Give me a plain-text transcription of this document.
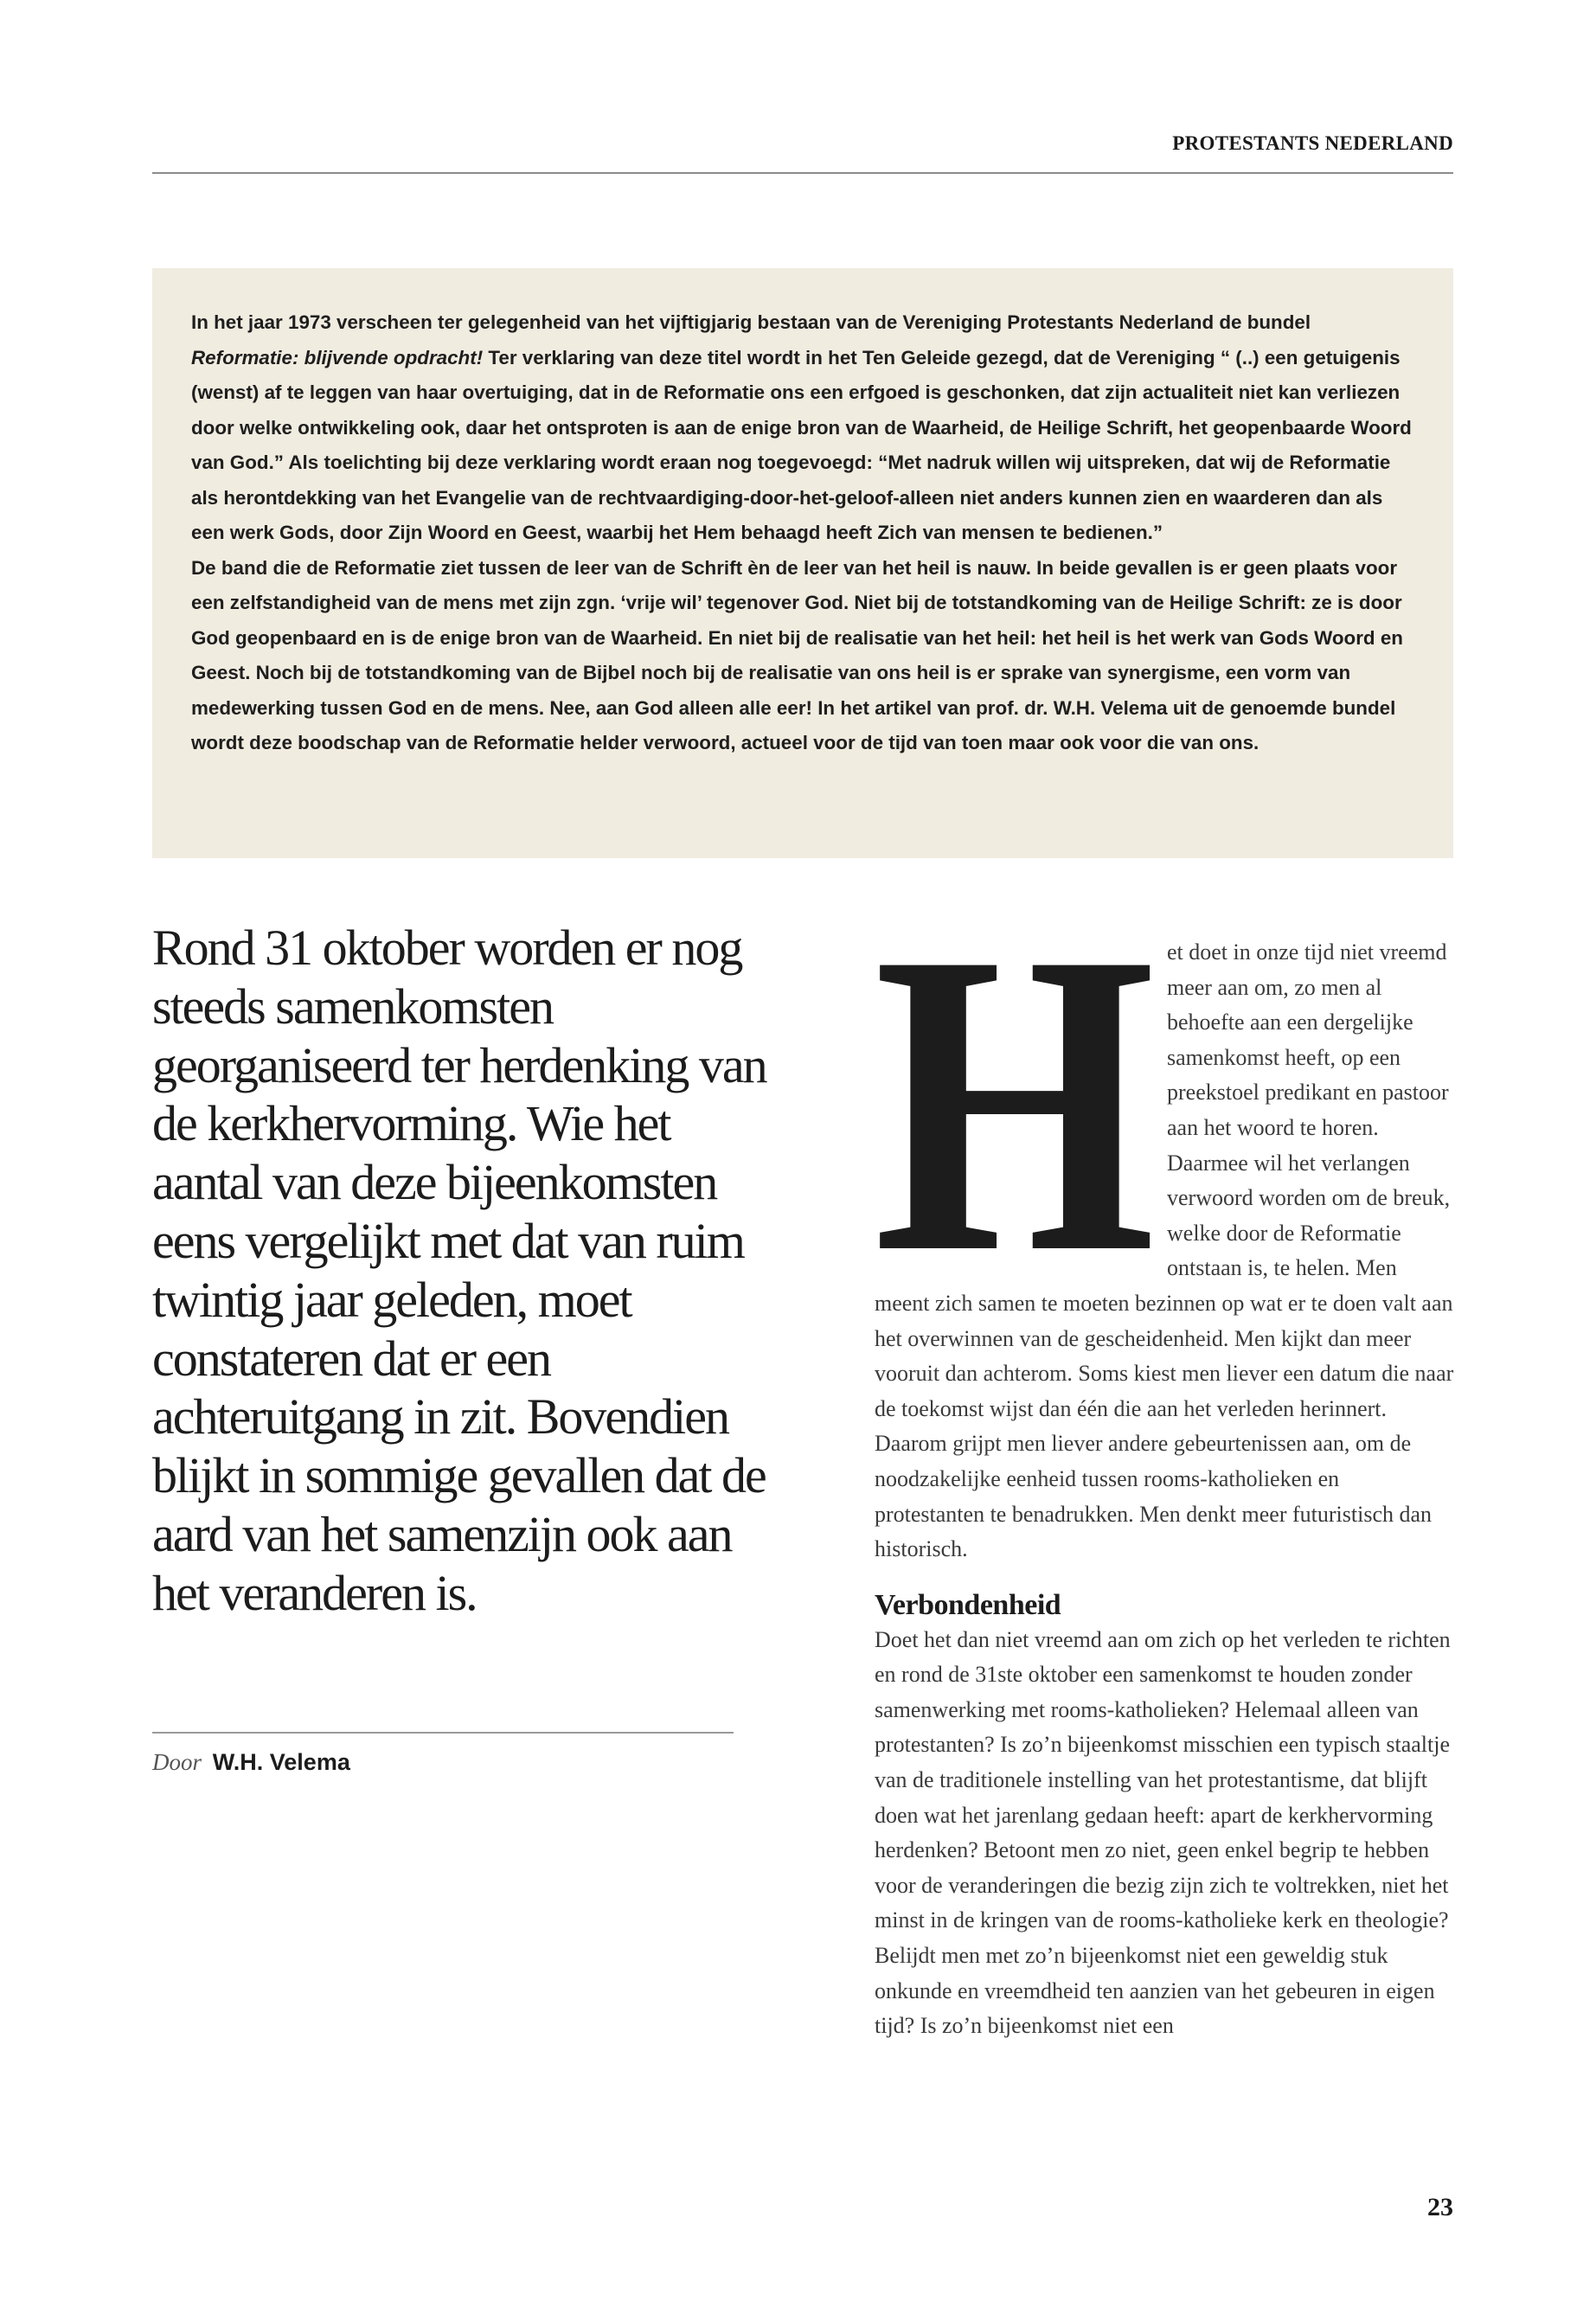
PROTESTANTS NEDERLAND

In het jaar 1973 verscheen ter gelegenheid van het vijftigjarig bestaan van de Vereniging Protestants Nederland de bundel Reformatie: blijvende opdracht! Ter verklaring van deze titel wordt in het Ten Geleide gezegd, dat de Vereniging “ (..) een getuigenis (wenst) af te leggen van haar overtuiging, dat in de Reformatie ons een erfgoed is geschonken, dat zijn actualiteit niet kan verliezen door welke ontwikkeling ook, daar het ontsproten is aan de enige bron van de Waarheid, de Heilige Schrift, het geopenbaarde Woord van God.” Als toelichting bij deze verklaring wordt eraan nog toegevoegd: “Met nadruk willen wij uitspreken, dat wij de Reformatie als herontdekking van het Evangelie van de rechtvaardiging-door-het-geloof-alleen niet anders kunnen zien en waarderen dan als een werk Gods, door Zijn Woord en Geest, waarbij het Hem behaagd heeft Zich van mensen te bedienen.”

De band die de Reformatie ziet tussen de leer van de Schrift èn de leer van het heil is nauw. In beide gevallen is er geen plaats voor een zelfstandigheid van de mens met zijn zgn. ‘vrije wil’ tegenover God. Niet bij de totstandkoming van de Heilige Schrift: ze is door God geopenbaard en is de enige bron van de Waarheid. En niet bij de realisatie van het heil: het heil is het werk van Gods Woord en Geest. Noch bij de totstandkoming van de Bijbel noch bij de realisatie van ons heil is er sprake van synergisme, een vorm van medewerking tussen God en de mens. Nee, aan God alleen alle eer! In het artikel van prof. dr. W.H. Velema uit de genoemde bundel wordt deze boodschap van de Reformatie helder verwoord, actueel voor de tijd van toen maar ook voor die van ons.

Rond 31 oktober worden er nog steeds samenkomsten georganiseerd ter herdenking van de kerkhervorming. Wie het aantal van deze bijeenkomsten eens vergelijkt met dat van ruim twintig jaar geleden, moet constateren dat er een achteruitgang in zit. Bovendien blijkt in sommige gevallen dat de aard van het samenzijn ook aan het veranderen is.

Door W.H. Velema
H et doet in onze tijd niet vreemd meer aan om, zo men al behoefte aan een dergelijke samenkomst heeft, op een preekstoel predikant en pastoor aan het woord te horen. Daarmee wil het verlangen verwoord worden om de breuk, welke door de Reformatie ontstaan is, te helen. Men meent zich samen te moeten bezinnen op wat er te doen valt aan het overwinnen van de gescheidenheid. Men kijkt dan meer vooruit dan achterom. Soms kiest men liever een datum die naar de toekomst wijst dan één die aan het verleden herinnert. Daarom grijpt men liever andere gebeurtenissen aan, om de noodzakelijke eenheid tussen rooms-katholieken en protestanten te benadrukken. Men denkt meer futuristisch dan historisch.

Verbondenheid

Doet het dan niet vreemd aan om zich op het verleden te richten en rond de 31ste oktober een samenkomst te houden zonder samenwerking met rooms-katholieken? Helemaal alleen van protestanten? Is zo’n bijeenkomst misschien een typisch staaltje van de traditionele instelling van het protestantisme, dat blijft doen wat het jarenlang gedaan heeft: apart de kerkhervorming herdenken? Betoont men zo niet, geen enkel begrip te hebben voor de veranderingen die bezig zijn zich te voltrekken, niet het minst in de kringen van de rooms-katholieke kerk en theologie? Belijdt men met zo’n bijeenkomst niet een geweldig stuk onkunde en vreemdheid ten aanzien van het gebeuren in eigen tijd? Is zo’n bijeenkomst niet een

23
